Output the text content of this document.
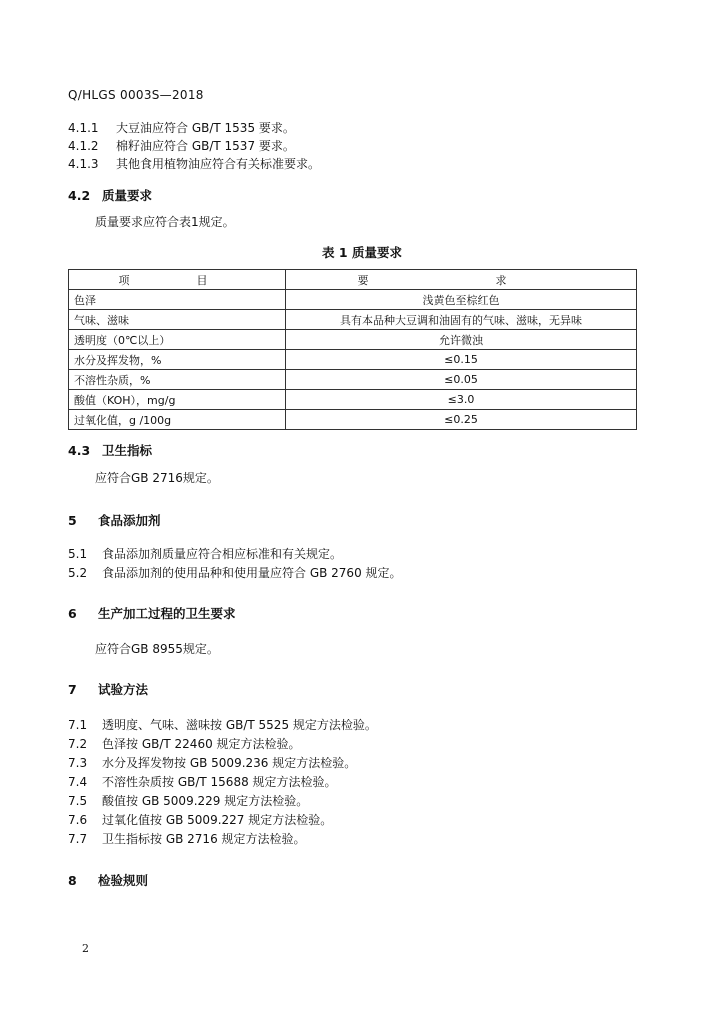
Q/HLGS 0003S—2018
4.1.1 大豆油应符合 GB/T 1535 要求。
4.1.2 棉籽油应符合 GB/T 1537 要求。
4.1.3 其他食用植物油应符合有关标准要求。
4.2 质量要求
质量要求应符合表1规定。
表 1 质量要求
项　目	要　求
色泽	浅黄色至棕红色
气味、滋味	具有本品种大豆调和油固有的气味、滋味，无异味
透明度（0℃以上）	允许微浊
水分及挥发物，%	≤0.15
不溶性杂质，%	≤0.05
酸值（KOH），mg/g	≤3.0
过氧化值，g /100g	≤0.25
4.3 卫生指标
应符合GB 2716规定。
5 食品添加剂
5.1 食品添加剂质量应符合相应标准和有关规定。
5.2 食品添加剂的使用品种和使用量应符合 GB 2760 规定。
6 生产加工过程的卫生要求
应符合GB 8955规定。
7 试验方法
7.1 透明度、气味、滋味按 GB/T 5525 规定方法检验。
7.2 色泽按 GB/T 22460 规定方法检验。
7.3 水分及挥发物按 GB 5009.236 规定方法检验。
7.4 不溶性杂质按 GB/T 15688 规定方法检验。
7.5 酸值按 GB 5009.229 规定方法检验。
7.6 过氧化值按 GB 5009.227 规定方法检验。
7.7 卫生指标按 GB 2716 规定方法检验。
8 检验规则
2
